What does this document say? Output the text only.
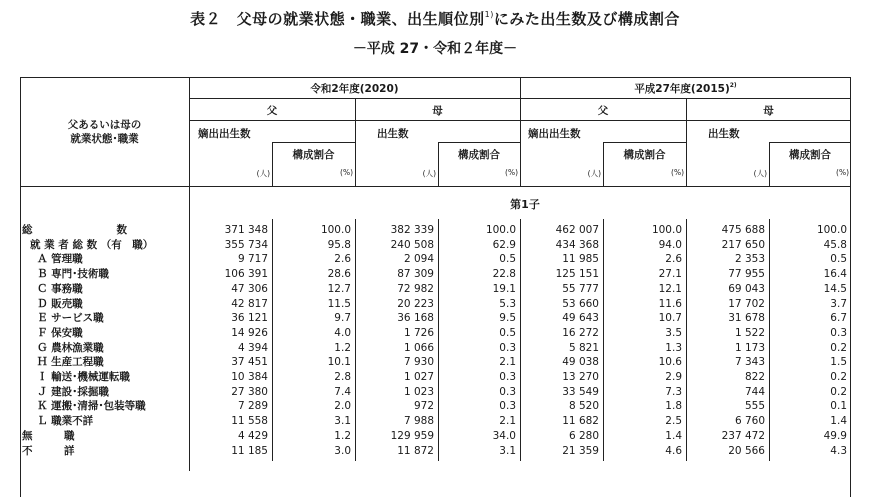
表２　父母の就業状態・職業、出生順位別$^{1)}$にみた出生数及び構成割合
－平成 27・令和２年度－
父あるいは母の
就業状態･職業
令和2年度(2020)	平成27年度$(2015)^{2)}$
父	母	父	母
嫡出出生数	出生数	嫡出出生数	出生数
構成割合	構成割合	構成割合	構成割合
(人)	(%)	(人)	(%)	(人)	(%)	(人)	(%)
第1子
総　　　　　　　　数	371 348	100.0	382 339	100.0	462 007	100.0	475 688	100.0
就 業 者 総 数 （有　職）	355 734	95.8	240 508	62.9	434 368	94.0	217 650	45.8
Ａ 管理職	9 717	2.6	2 094	0.5	11 985	2.6	2 353	0.5
Ｂ 専門･技術職	106 391	28.6	87 309	22.8	125 151	27.1	77 955	16.4
Ｃ 事務職	47 306	12.7	72 982	19.1	55 777	12.1	69 043	14.5
Ｄ 販売職	42 817	11.5	20 223	5.3	53 660	11.6	17 702	3.7
Ｅ サービス職	36 121	9.7	36 168	9.5	49 643	10.7	31 678	6.7
Ｆ 保安職	14 926	4.0	1 726	0.5	16 272	3.5	1 522	0.3
Ｇ 農林漁業職	4 394	1.2	1 066	0.3	5 821	1.3	1 173	0.2
Ｈ 生産工程職	37 451	10.1	7 930	2.1	49 038	10.6	7 343	1.5
Ｉ 輸送･機械運転職	10 384	2.8	1 027	0.3	13 270	2.9	822	0.2
Ｊ 建設･採掘職	27 380	7.4	1 023	0.3	33 549	7.3	744	0.2
Ｋ 運搬･清掃･包装等職	7 289	2.0	972	0.3	8 520	1.8	555	0.1
Ｌ 職業不詳	11 558	3.1	7 988	2.1	11 682	2.5	6 760	1.4
無　　　職	4 429	1.2	129 959	34.0	6 280	1.4	237 472	49.9
不　　　詳	11 185	3.0	11 872	3.1	21 359	4.6	20 566	4.3
